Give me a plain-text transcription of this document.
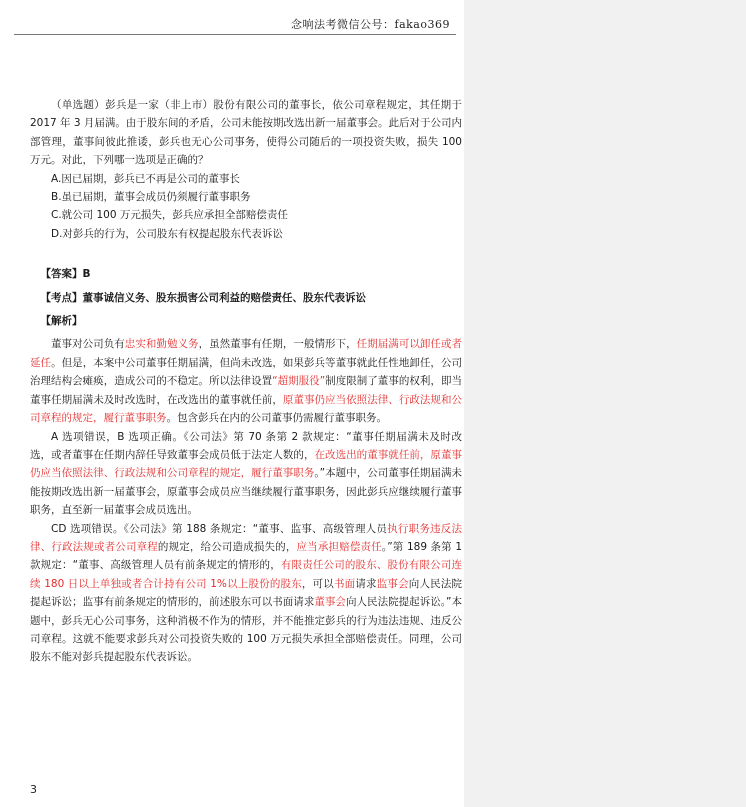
念响法考微信公号：fakao369

（单选题）彭兵是一家（非上市）股份有限公司的董事长，依公司章程规定，其任期于 2017 年 3 月届满。由于股东间的矛盾，公司未能按期改选出新一届董事会。此后对于公司内部管理，董事间彼此推诿，彭兵也无心公司事务，使得公司随后的一项投资失败，损失 100 万元。对此，下列哪一选项是正确的？

A.因已届期，彭兵已不再是公司的董事长

B.虽已届期，董事会成员仍须履行董事职务

C.就公司 100 万元损失，彭兵应承担全部赔偿责任

D.对彭兵的行为，公司股东有权提起股东代表诉讼

【答案】B

【考点】董事诚信义务、股东损害公司利益的赔偿责任、股东代表诉讼

【解析】

董事对公司负有忠实和勤勉义务，虽然董事有任期，一般情形下，任期届满可以卸任或者延任。但是，本案中公司董事任期届满，但尚未改选，如果彭兵等董事就此任性地卸任，公司治理结构会瘫痪，造成公司的不稳定。所以法律设置“超期服役”制度限制了董事的权利，即当董事任期届满未及时改选时，在改选出的董事就任前，原董事仍应当依照法律、行政法规和公司章程的规定，履行董事职务。包含彭兵在内的公司董事仍需履行董事职务。

A 选项错误，B 选项正确。《公司法》第 70 条第 2 款规定：“董事任期届满未及时改选，或者董事在任期内辞任导致董事会成员低于法定人数的，在改选出的董事就任前，原董事仍应当依照法律、行政法规和公司章程的规定，履行董事职务。”本题中，公司董事任期届满未能按期改选出新一届董事会，原董事会成员应当继续履行董事职务，因此彭兵应继续履行董事职务，直至新一届董事会成员选出。

CD 选项错误。《公司法》第 188 条规定：“董事、监事、高级管理人员执行职务违反法律、行政法规或者公司章程的规定，给公司造成损失的，应当承担赔偿责任。”第 189 条第 1 款规定：“董事、高级管理人员有前条规定的情形的，有限责任公司的股东、股份有限公司连续 180 日以上单独或者合计持有公司 1%以上股份的股东，可以书面请求监事会向人民法院提起诉讼；监事有前条规定的情形的，前述股东可以书面请求董事会向人民法院提起诉讼。”本题中，彭兵无心公司事务，这种消极不作为的情形，并不能推定彭兵的行为违法违规、违反公司章程。这就不能要求彭兵对公司投资失败的 100 万元损失承担全部赔偿责任。同理，公司股东不能对彭兵提起股东代表诉讼。

3
